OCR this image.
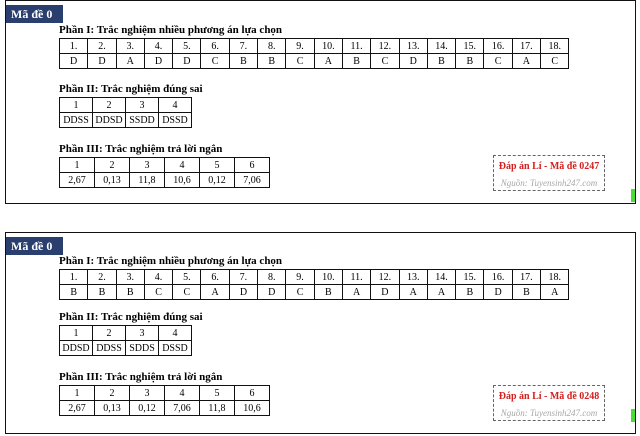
Mã đề 0
Phần I: Trắc nghiệm nhiều phương án lựa chọn
1.	2.	3.	4.	5.	6.	7.	8.	9.	10.	11.	12.	13.	14.	15.	16.	17.	18.
D	D	A	D	D	C	B	B	C	A	B	C	D	B	B	C	A	C
Phần II: Trắc nghiệm đúng sai
1	2	3	4
DDSS	DDSD	SSDD	DSSD
Phần III: Trắc nghiệm trả lời ngắn
1	2	3	4	5	6
2,67	0,13	11,8	10,6	0,12	7,06
Đáp án Lí - Mã đề 0247
Nguồn: Tuyensinh247.com
Mã đề 0
Phần I: Trắc nghiệm nhiều phương án lựa chọn
1.	2.	3.	4.	5.	6.	7.	8.	9.	10.	11.	12.	13.	14.	15.	16.	17.	18.
B	B	B	C	C	A	D	D	C	B	A	D	A	A	B	D	B	A
Phần II: Trắc nghiệm đúng sai
1	2	3	4
DDSD	DDSS	SDDS	DSSD
Phần III: Trắc nghiệm trả lời ngắn
1	2	3	4	5	6
2,67	0,13	0,12	7,06	11,8	10,6
Đáp án Lí - Mã đề 0248
Nguồn: Tuyensinh247.com
